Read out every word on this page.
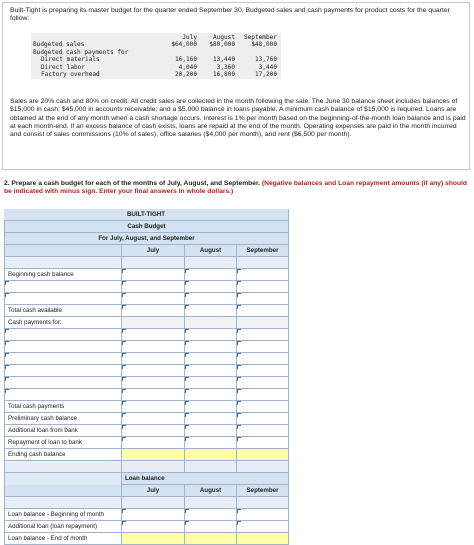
Built-Tight is preparing its master budget for the quarter ended September 30. Budgeted sales and cash payments for product costs for the quarter follow:
July	August	September
Budgeted sales	$64,000	$80,000	$48,000
Budgeted cash payments for
Direct materials	16,160	13,440	13,760
Direct labor	4,040	3,360	3,440
Factory overhead	20,200	16,800	17,200
Sales are 20% cash and 80% on credit. All credit sales are collected in the month following the sale. The June 30 balance sheet includes balances of $15,000 in cash; $45,000 in accounts receivable; and a $5,000 balance in loans payable. A minimum cash balance of $15,000 is required. Loans are obtained at the end of any month when a cash shortage occurs. Interest is 1% per month based on the beginning-of-the-month loan balance and is paid at each month-end. If an excess balance of cash exists, loans are repaid at the end of the month. Operating expenses are paid in the month incurred and consist of sales commissions (10% of sales), office salaries ($4,000 per month), and rent ($6,500 per month).
2. Prepare a cash budget for each of the months of July, August, and September. (Negative balances and Loan repayment amounts (if any) should be indicated with minus sign. Enter your final answers in whole dollars.)
BUILT-TIGHT
Cash Budget
For July, August, and September
July	August	September
Beginning cash balance
Total cash available
Cash payments for:
Total cash payments
Preliminary cash balance
Additional loan from bank
Repayment of loan to bank
Ending cash balance
Loan balance
July	August	September
Loan balance - Beginning of month
Additional loan (loan repayment)
Loan balance - End of month
